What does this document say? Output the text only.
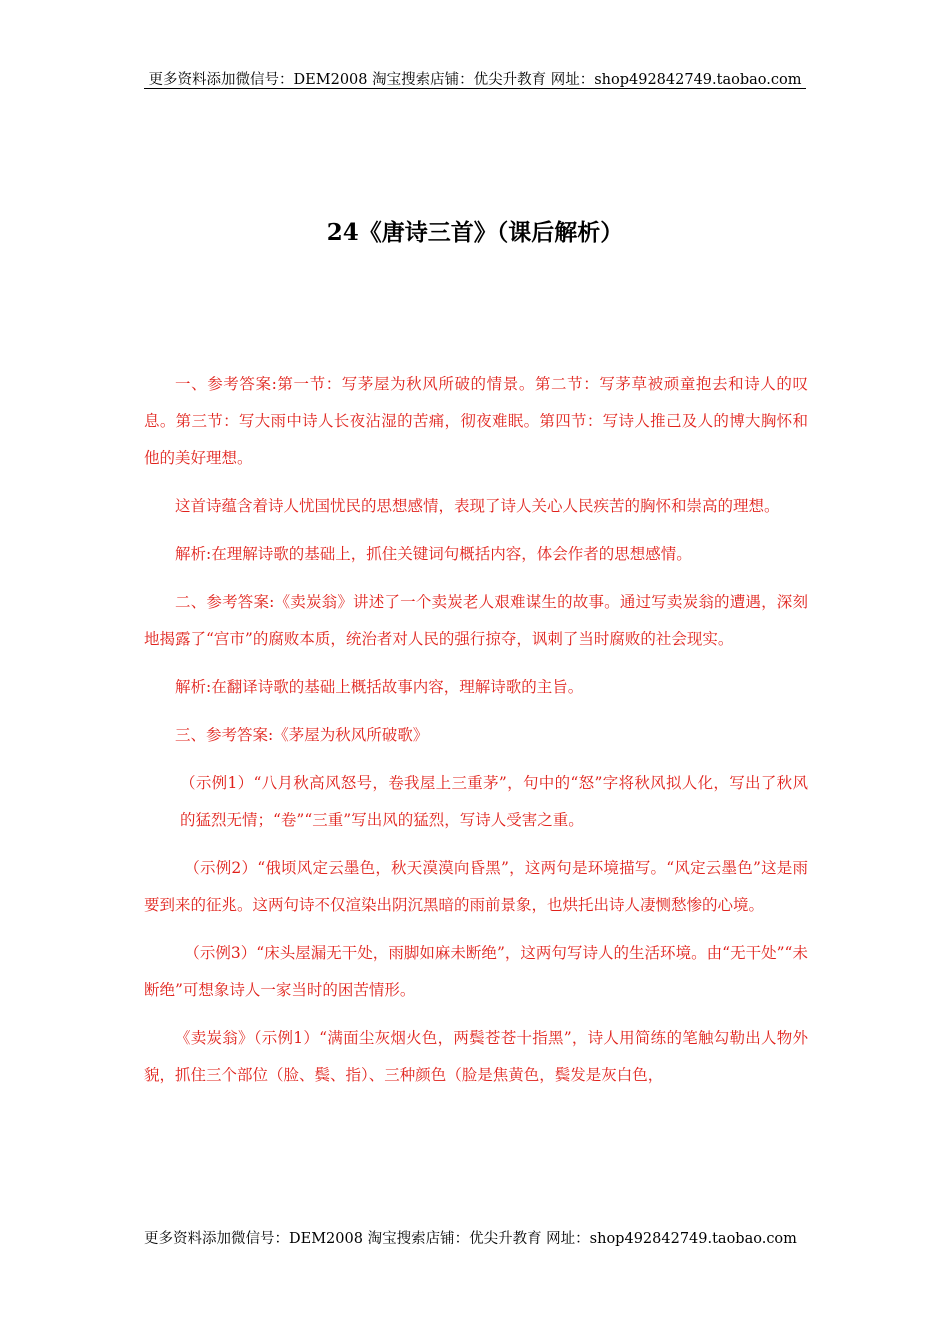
更多资料添加微信号：DEM2008 淘宝搜索店铺：优尖升教育 网址：shop492842749.taobao.com
24《唐诗三首》（课后解析）

一、参考答案:第一节：写茅屋为秋风所破的情景。第二节：写茅草被顽童抱去和诗人的叹息。第三节：写大雨中诗人长夜沾湿的苦痛，彻夜难眠。第四节：写诗人推己及人的博大胸怀和他的美好理想。

这首诗蕴含着诗人忧国忧民的思想感情，表现了诗人关心人民疾苦的胸怀和崇高的理想。

解析:在理解诗歌的基础上，抓住关键词句概括内容，体会作者的思想感情。

二、参考答案:《卖炭翁》讲述了一个卖炭老人艰难谋生的故事。通过写卖炭翁的遭遇，深刻地揭露了“宫市”的腐败本质，统治者对人民的强行掠夺，讽刺了当时腐败的社会现实。

解析:在翻译诗歌的基础上概括故事内容，理解诗歌的主旨。

三、参考答案:《茅屋为秋风所破歌》

（示例1）“八月秋高风怒号，卷我屋上三重茅”，句中的“怒”字将秋风拟人化，写出了秋风的猛烈无情；“卷”“三重”写出风的猛烈，写诗人受害之重。

（示例2）“俄顷风定云墨色，秋天漠漠向昏黑”，这两句是环境描写。“风定云墨色”这是雨要到来的征兆。这两句诗不仅渲染出阴沉黑暗的雨前景象，也烘托出诗人凄恻愁惨的心境。

（示例3）“床头屋漏无干处，雨脚如麻未断绝”，这两句写诗人的生活环境。由“无干处”“未断绝”可想象诗人一家当时的困苦情形。

《卖炭翁》（示例1）“满面尘灰烟火色，两鬓苍苍十指黑”，诗人用简练的笔触勾勒出人物外貌，抓住三个部位（脸、鬓、指）、三种颜色（脸是焦黄色，鬓发是灰白色，

更多资料添加微信号：DEM2008 淘宝搜索店铺：优尖升教育 网址：shop492842749.taobao.com
